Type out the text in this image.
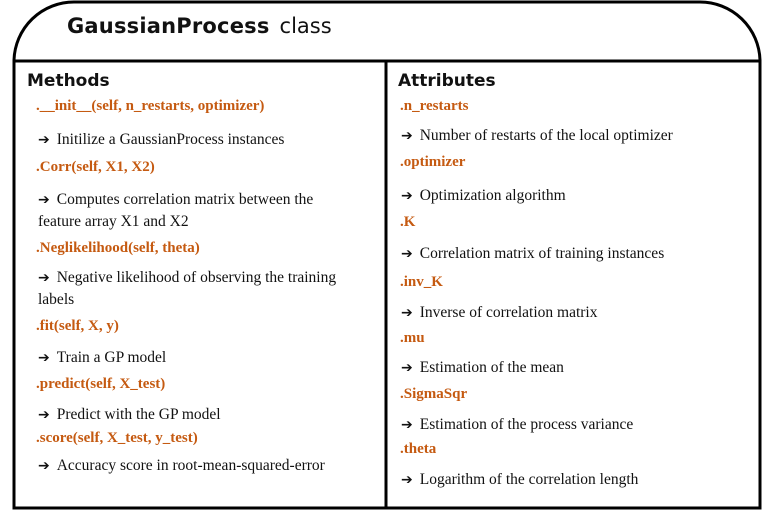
GaussianProcess class
Methods
.__init__(self, n_restarts, optimizer)
➔ Initilize a GaussianProcess instances
.Corr(self, X1, X2)
➔ Computes correlation matrix between the
feature array X1 and X2
.Neglikelihood(self, theta)
➔ Negative likelihood of observing the training
labels
.fit(self, X, y)
➔ Train a GP model
.predict(self, X_test)
➔ Predict with the GP model
.score(self, X_test, y_test)
➔ Accuracy score in root-mean-squared-error
Attributes
.n_restarts
➔ Number of restarts of the local optimizer
.optimizer
➔ Optimization algorithm
.K
➔ Correlation matrix of training instances
.inv_K
➔ Inverse of correlation matrix
.mu
➔ Estimation of the mean
.SigmaSqr
➔ Estimation of the process variance
.theta
➔ Logarithm of the correlation length
